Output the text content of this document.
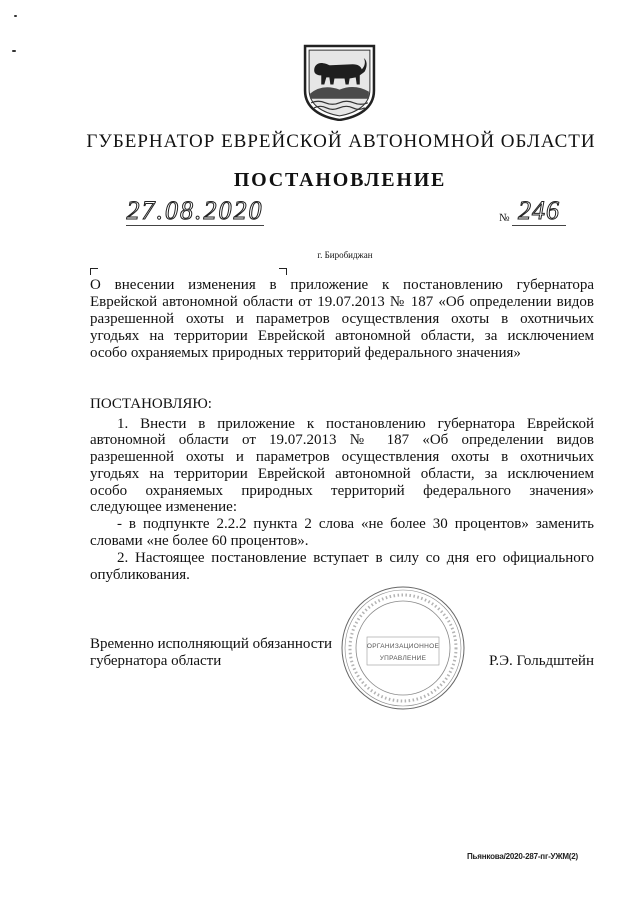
ГУБЕРНАТОР ЕВРЕЙСКОЙ АВТОНОМНОЙ ОБЛАСТИ
ПОСТАНОВЛЕНИЕ
27.08.2020	№ 246
г. Биробиджан
О внесении изменения в приложение к постановлению губернатора
Еврейской автономной области от 19.07.2013 № 187 «Об определении видов
разрешенной охоты и параметров осуществления охоты в охотничьих
угодьях на территории Еврейской автономной области, за исключением
особо охраняемых природных территорий федерального значения»
ПОСТАНОВЛЯЮ:
1. Внести в приложение к постановлению губернатора Еврейской
автономной области от 19.07.2013 № 187 «Об определении видов
разрешенной охоты и параметров осуществления охоты в охотничьих
угодьях на территории Еврейской автономной области, за исключением
особо охраняемых природных территорий федерального значения»
следующее изменение:
- в подпункте 2.2.2 пункта 2 слова «не более 30 процентов» заменить
словами «не более 60 процентов».
2. Настоящее постановление вступает в силу со дня его официального
опубликования.
Временно исполняющий обязанности
губернатора области
ОРГАНИЗАЦИОННОЕ
УПРАВЛЕНИЕ	Р.Э. Гольдштейн
Пьянкова/2020-287-пг-УЖМ(2)
